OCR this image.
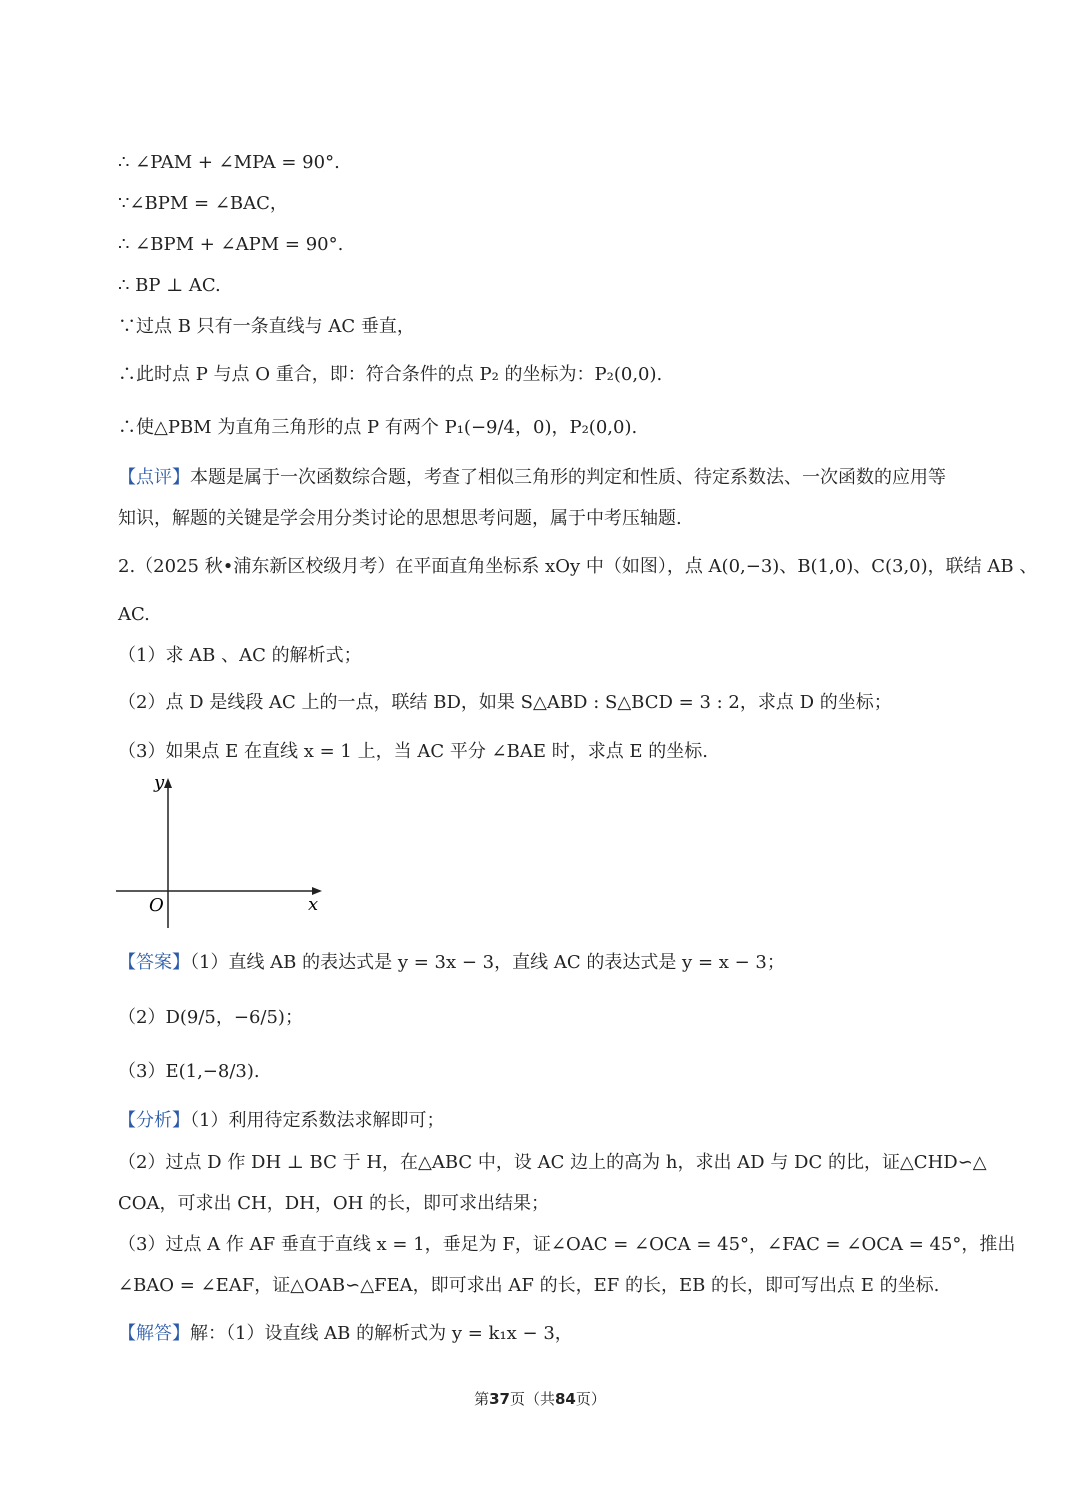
∴ ∠PAM + ∠MPA = 90°.
∵∠BPM = ∠BAC，
∴ ∠BPM + ∠APM = 90°.
∴ BP ⊥ AC.
∵过点 B 只有一条直线与 AC 垂直，
∴此时点 P 与点 O 重合，即：符合条件的点 P₂ 的坐标为：P₂(0,0).
∴使△PBM 为直角三角形的点 P 有两个 P₁(−9/4，0)，P₂(0,0).
【点评】本题是属于一次函数综合题，考查了相似三角形的判定和性质、待定系数法、一次函数的应用等
知识，解题的关键是学会用分类讨论的思想思考问题，属于中考压轴题.
2.（2025 秋•浦东新区校级月考）在平面直角坐标系 xOy 中（如图），点 A(0,−3)、B(1,0)、C(3,0)，联结 AB 、
AC.
（1）求 AB 、AC 的解析式；
（2）点 D 是线段 AC 上的一点，联结 BD，如果 S△ABD : S△BCD = 3 : 2，求点 D 的坐标；
（3）如果点 E 在直线 x = 1 上，当 AC 平分 ∠BAE 时，求点 E 的坐标.
y
x
O
【答案】（1）直线 AB 的表达式是 y = 3x − 3，直线 AC 的表达式是 y = x − 3；
（2）D(9/5，−6/5)；
（3）E(1,−8/3).
【分析】（1）利用待定系数法求解即可；
（2）过点 D 作 DH ⊥ BC 于 H，在△ABC 中，设 AC 边上的高为 h，求出 AD 与 DC 的比，证△CHD∽△
COA，可求出 CH，DH，OH 的长，即可求出结果；
（3）过点 A 作 AF 垂直于直线 x = 1，垂足为 F，证∠OAC = ∠OCA = 45°，∠FAC = ∠OCA = 45°，推出
∠BAO = ∠EAF，证△OAB∽△FEA，即可求出 AF 的长，EF 的长，EB 的长，即可写出点 E 的坐标.
【解答】解：（1）设直线 AB 的解析式为 y = k₁x − 3，
第37页（共84页）
